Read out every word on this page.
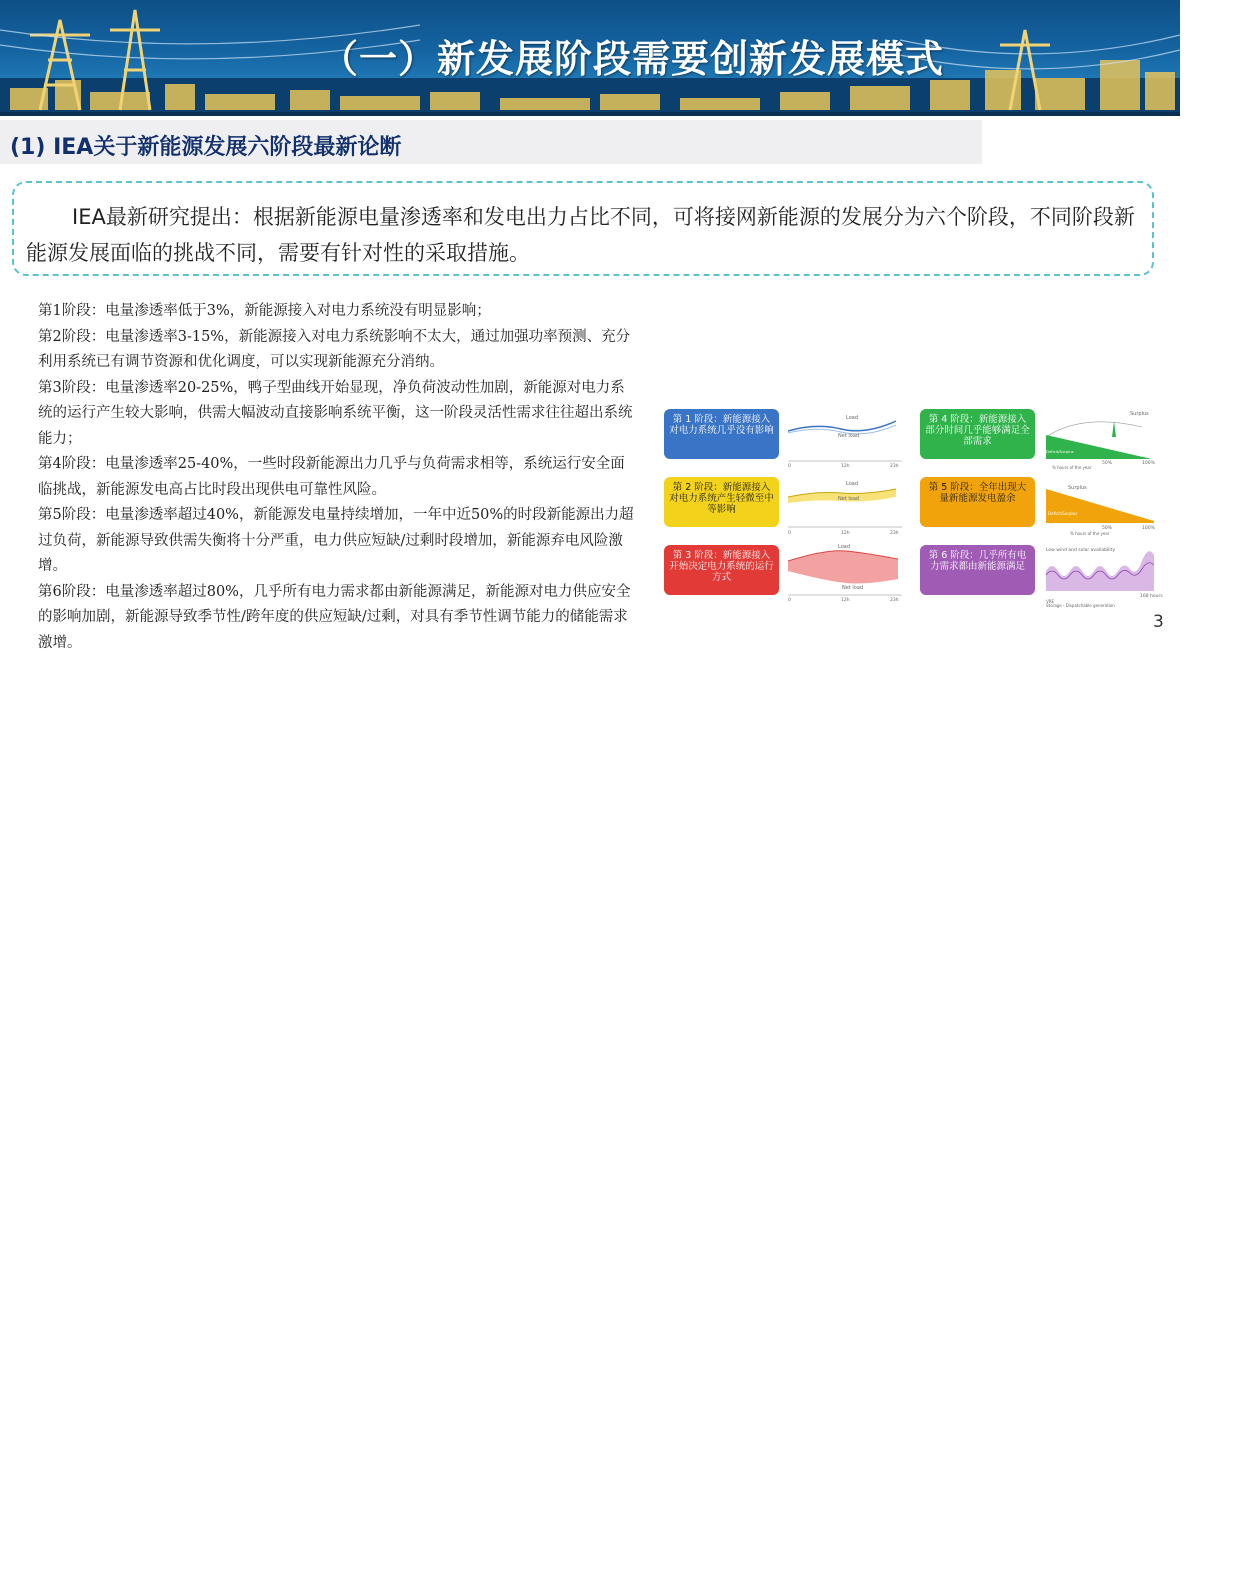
（一）新发展阶段需要创新发展模式
(1) IEA关于新能源发展六阶段最新论断
IEA最新研究提出：根据新能源电量渗透率和发电出力占比不同，可将接网新能源的发展分为六个阶段，不同阶段新能源发展面临的挑战不同，需要有针对性的采取措施。

第1阶段：电量渗透率低于3%，新能源接入对电力系统没有明显影响；

第2阶段：电量渗透率3-15%，新能源接入对电力系统影响不太大，通过加强功率预测、充分利用系统已有调节资源和优化调度，可以实现新能源充分消纳。

第3阶段：电量渗透率20-25%，鸭子型曲线开始显现，净负荷波动性加剧，新能源对电力系统的运行产生较大影响，供需大幅波动直接影响系统平衡，这一阶段灵活性需求往往超出系统能力；

第4阶段：电量渗透率25-40%，一些时段新能源出力几乎与负荷需求相等，系统运行安全面临挑战，新能源发电高占比时段出现供电可靠性风险。

第5阶段：电量渗透率超过40%，新能源发电量持续增加，一年中近50%的时段新能源出力超过负荷，新能源导致供需失衡将十分严重，电力供应短缺/过剩时段增加，新能源弃电风险激增。

第6阶段：电量渗透率超过80%，几乎所有电力需求都由新能源满足，新能源对电力供应安全的影响加剧，新能源导致季节性/跨年度的供应短缺/过剩，对具有季节性调节能力的储能需求激增。

第 1 阶段：新能源接入对电力系统几乎没有影响
第 2 阶段：新能源接入对电力系统产生轻微至中等影响
第 3 阶段：新能源接入开始决定电力系统的运行方式
第 4 阶段：新能源接入部分时间几乎能够满足全部需求
第 5 阶段：全年出现大量新能源发电盈余
第 6 阶段：几乎所有电力需求都由新能源满足
Load
Net load
0	12h	23h
Load
Net load
0	12h	23h
Load
Net load
0	12h	23h
Deficit/Surplus
Surplus
50%	100%
% hours of the year
Surplus
Deficit/Surplus
50%	100%
% hours of the year
Low wind and solar availability
168 hours
VRE
Storage - Dispatchable generation
3
